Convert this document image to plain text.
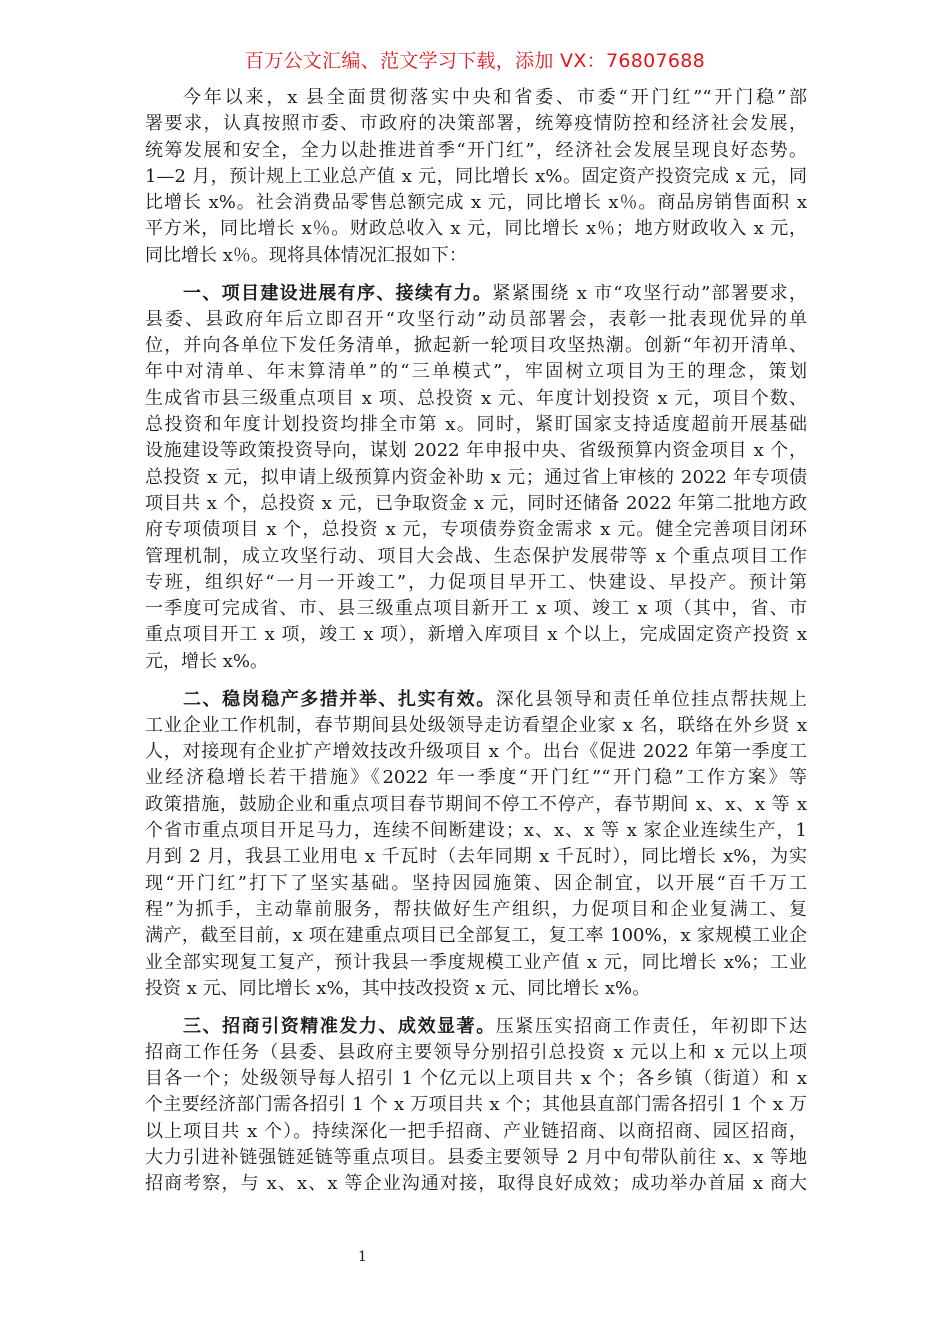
百万公文汇编、范文学习下载，添加 VX：76807688
今年以来，x 县全面贯彻落实中央和省委、市委“开门红”“开门稳”部
署要求，认真按照市委、市政府的决策部署，统筹疫情防控和经济社会发展，
统筹发展和安全，全力以赴推进首季“开门红”，经济社会发展呈现良好态势。
1—2 月，预计规上工业总产值 x 元，同比增长 x%。固定资产投资完成 x 元，同
比增长 x%。社会消费品零售总额完成 x 元，同比增长 x％。商品房销售面积 x
平方米，同比增长 x％。财政总收入 x 元，同比增长 x％；地方财政收入 x 元，
同比增长 x％。现将具体情况汇报如下：
一、项目建设进展有序、接续有力。紧紧围绕 x 市“攻坚行动”部署要求，
县委、县政府年后立即召开“攻坚行动”动员部署会，表彰一批表现优异的单
位，并向各单位下发任务清单，掀起新一轮项目攻坚热潮。创新“年初开清单、
年中对清单、年末算清单”的“三单模式”，牢固树立项目为王的理念，策划
生成省市县三级重点项目 x 项、总投资 x 元、年度计划投资 x 元，项目个数、
总投资和年度计划投资均排全市第 x。同时，紧盯国家支持适度超前开展基础
设施建设等政策投资导向，谋划 2022 年申报中央、省级预算内资金项目 x 个，
总投资 x 元，拟申请上级预算内资金补助 x 元；通过省上审核的 2022 年专项债
项目共 x 个，总投资 x 元，已争取资金 x 元，同时还储备 2022 年第二批地方政
府专项债项目 x 个，总投资 x 元，专项债券资金需求 x 元。健全完善项目闭环
管理机制，成立攻坚行动、项目大会战、生态保护发展带等 x 个重点项目工作
专班，组织好“一月一开竣工”，力促项目早开工、快建设、早投产。预计第
一季度可完成省、市、县三级重点项目新开工 x 项、竣工 x 项（其中，省、市
重点项目开工 x 项，竣工 x 项），新增入库项目 x 个以上，完成固定资产投资 x
元，增长 x%。
二、稳岗稳产多措并举、扎实有效。深化县领导和责任单位挂点帮扶规上
工业企业工作机制，春节期间县处级领导走访看望企业家 x 名，联络在外乡贤 x
人，对接现有企业扩产增效技改升级项目 x 个。出台《促进 2022 年第一季度工
业经济稳增长若干措施》《2022 年一季度“开门红”“开门稳”工作方案》等
政策措施，鼓励企业和重点项目春节期间不停工不停产，春节期间 x、x、x 等 x
个省市重点项目开足马力，连续不间断建设；x、x、x 等 x 家企业连续生产，1
月到 2 月，我县工业用电 x 千瓦时（去年同期 x 千瓦时），同比增长 x%，为实
现“开门红”打下了坚实基础。坚持因园施策、因企制宜，以开展“百千万工
程”为抓手，主动靠前服务，帮扶做好生产组织，力促项目和企业复满工、复
满产，截至目前，x 项在建重点项目已全部复工，复工率 100%，x 家规模工业企
业全部实现复工复产，预计我县一季度规模工业产值 x 元，同比增长 x%；工业
投资 x 元、同比增长 x%，其中技改投资 x 元、同比增长 x%。
三、招商引资精准发力、成效显著。压紧压实招商工作责任，年初即下达
招商工作任务（县委、县政府主要领导分别招引总投资 x 元以上和 x 元以上项
目各一个；处级领导每人招引 1 个亿元以上项目共 x 个；各乡镇（街道）和 x
个主要经济部门需各招引 1 个 x 万项目共 x 个；其他县直部门需各招引 1 个 x 万
以上项目共 x 个）。持续深化一把手招商、产业链招商、以商招商、园区招商，
大力引进补链强链延链等重点项目。县委主要领导 2 月中旬带队前往 x、x 等地
招商考察，与 x、x、x 等企业沟通对接，取得良好成效；成功举办首届 x 商大
1
